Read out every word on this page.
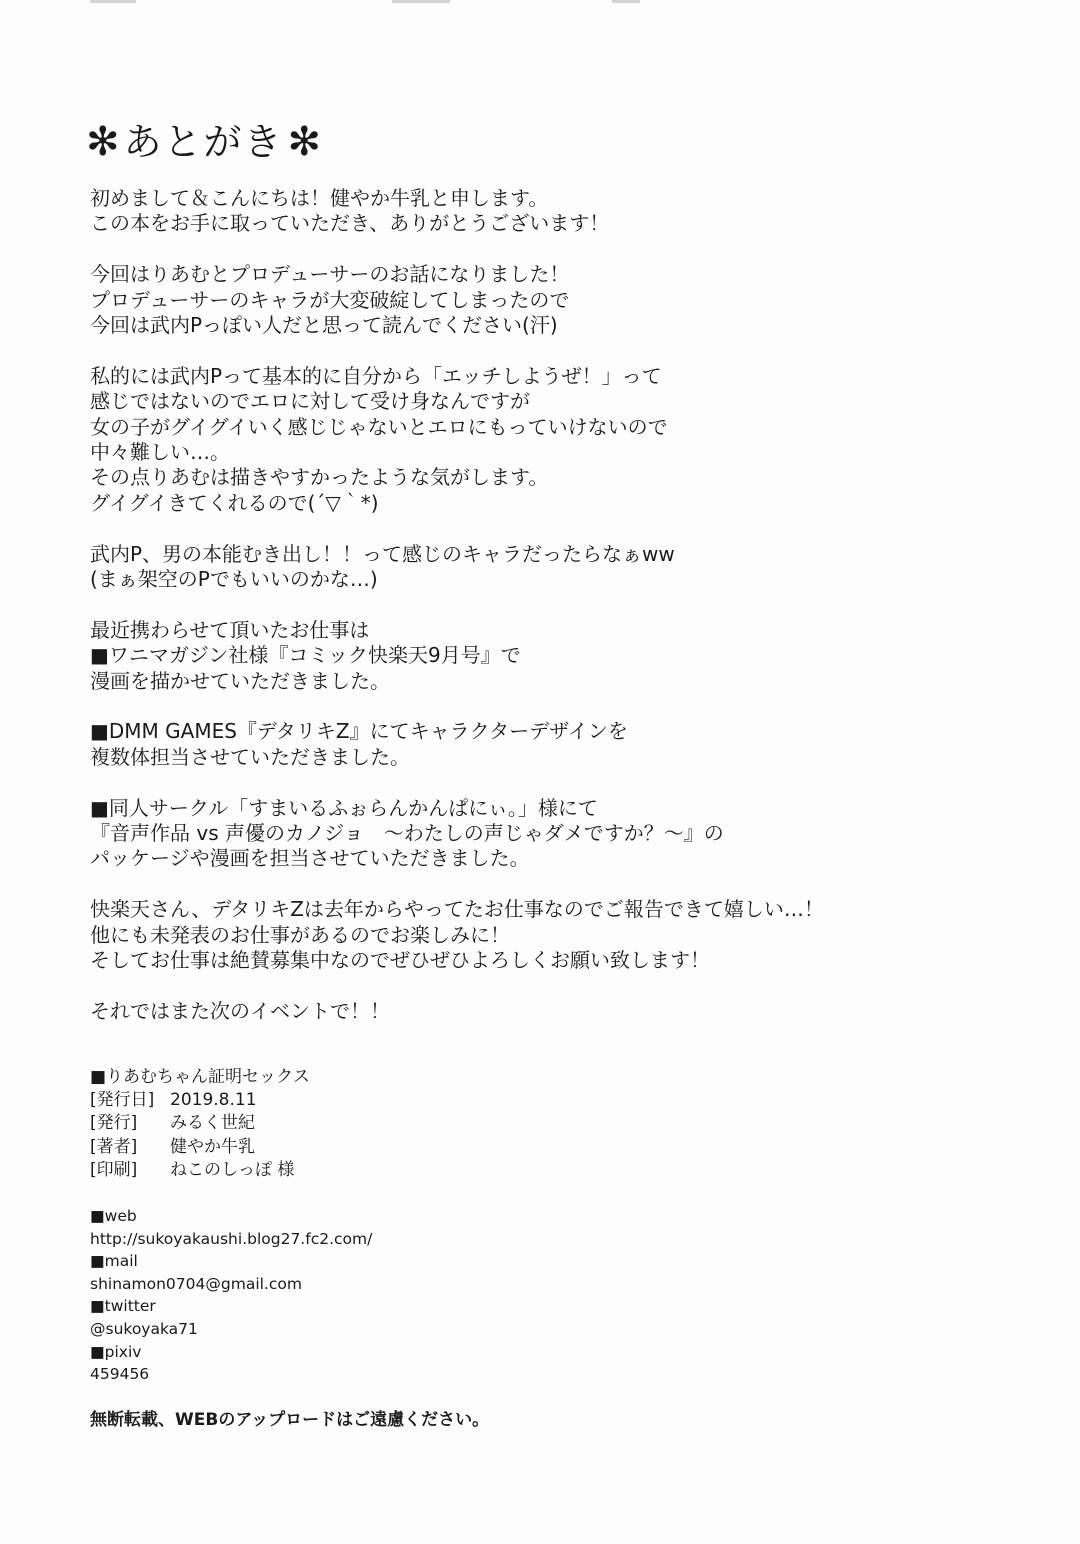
✻ あとがき ✻
初めまして＆こんにちは！健やか牛乳と申します。
この本をお手に取っていただき、ありがとうございます！
今回はりあむとプロデューサーのお話になりました！
プロデューサーのキャラが大変破綻してしまったので
今回は武内Pっぽい人だと思って読んでください(汗)
私的には武内Pって基本的に自分から「エッチしようぜ！」って
感じではないのでエロに対して受け身なんですが
女の子がグイグイいく感じじゃないとエロにもっていけないので
中々難しい…。
その点りあむは描きやすかったような気がします。
グイグイきてくれるので(´▽｀*)
武内P、男の本能むき出し！！って感じのキャラだったらなぁww
(まぁ架空のPでもいいのかな…)
最近携わらせて頂いたお仕事は
■ワニマガジン社様『コミック快楽天9月号』で
漫画を描かせていただきました。
■DMM GAMES『デタリキZ』にてキャラクターデザインを
複数体担当させていただきました。
■同人サークル「すまいるふぉらんかんぱにぃ。」様にて
『音声作品 vs 声優のカノジョ　～わたしの声じゃダメですか？～』の
パッケージや漫画を担当させていただきました。
快楽天さん、デタリキZは去年からやってたお仕事なのでご報告できて嬉しい…！
他にも未発表のお仕事があるのでお楽しみに！
そしてお仕事は絶賛募集中なのでぜひぜひよろしくお願い致します！
それではまた次のイベントで！！
■りあむちゃん証明セックス
[発行日] 2019.8.11
[発行]	みるく世紀
[著者]	健やか牛乳
[印刷]	ねこのしっぽ 様
■web
http://sukoyakaushi.blog27.fc2.com/
■mail
shinamon0704@gmail.com
■twitter
@sukoyaka71
■pixiv
459456
無断転載、WEBのアップロードはご遠慮ください。
